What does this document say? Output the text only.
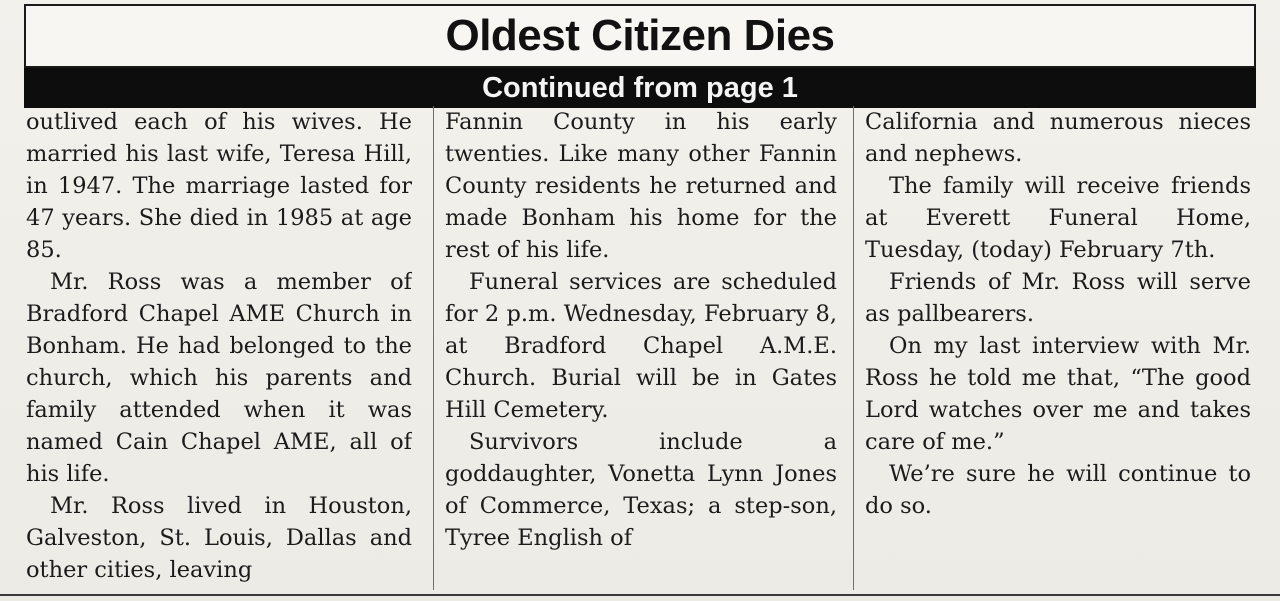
Oldest Citizen Dies
Continued from page 1

outlived each of his wives. He married his last wife, Teresa Hill, in 1947. The marriage lasted for 47 years. She died in 1985 at age 85.

Mr. Ross was a member of Bradford Chapel AME Church in Bonham. He had belonged to the church, which his parents and family attended when it was named Cain Chapel AME, all of his life.

Mr. Ross lived in Houston, Galveston, St. Louis, Dallas and other cities, leaving

Fannin County in his early twenties. Like many other Fannin County residents he returned and made Bonham his home for the rest of his life.

Funeral services are scheduled for 2 p.m. Wednesday, February 8, at Bradford Chapel A.M.E. Church. Burial will be in Gates Hill Cemetery.

Survivors include a goddaughter, Vonetta Lynn Jones of Commerce, Texas; a step-son, Tyree English of

California and numerous nieces and nephews.

The family will receive friends at Everett Funeral Home, Tuesday, (today) February 7th.

Friends of Mr. Ross will serve as pallbearers.

On my last interview with Mr. Ross he told me that, “The good Lord watches over me and takes care of me.”

We’re sure he will continue to do so.
